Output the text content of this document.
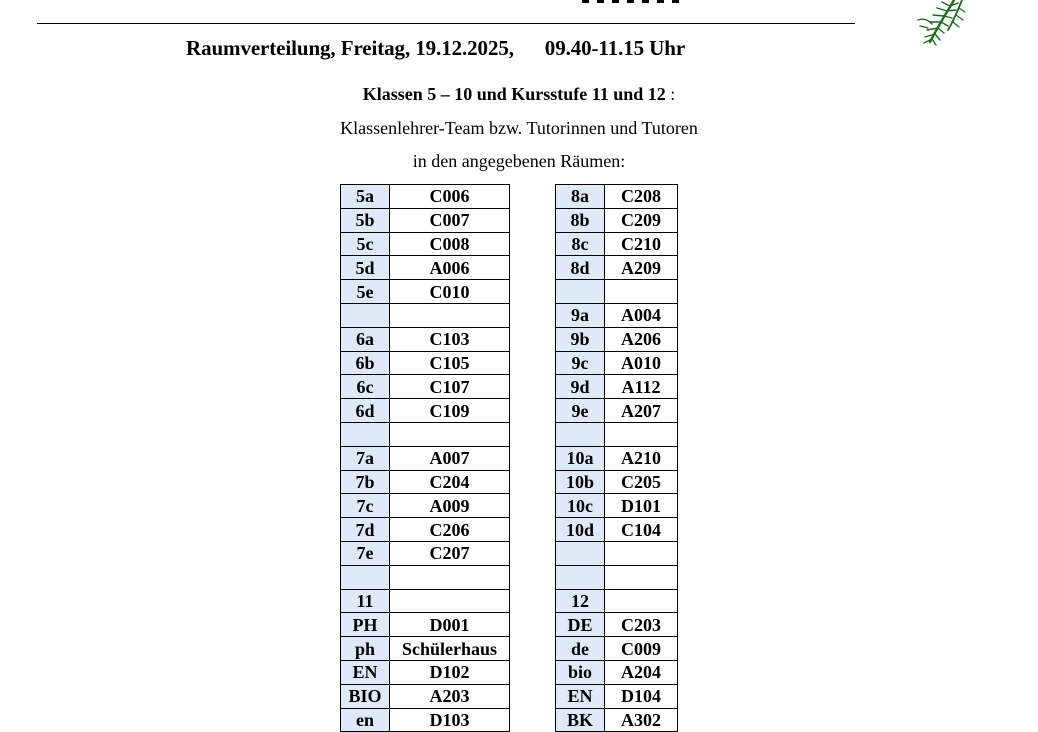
Raumverteilung, Freitag, 19.12.2025,      09.40-11.15 Uhr

Klassen 5 – 10 und Kursstufe 11 und 12 :

Klassenlehrer-Team bzw. Tutorinnen und Tutoren

in den angegebenen Räumen:

5a	C006
5b	C007
5c	C008
5d	A006
5e	C010

6a	C103
6b	C105
6c	C107
6d	C109

7a	A007
7b	C204
7c	A009
7d	C206
7e	C207

11	
PH	D001
ph	Schülerhaus
EN	D102
BIO	A203
en	D103
8a	C208
8b	C209
8c	C210
8d	A209

9a	A004
9b	A206
9c	A010
9d	A112
9e	A207

10a	A210
10b	C205
10c	D101
10d	C104

12	
DE	C203
de	C009
bio	A204
EN	D104
BK	A302
